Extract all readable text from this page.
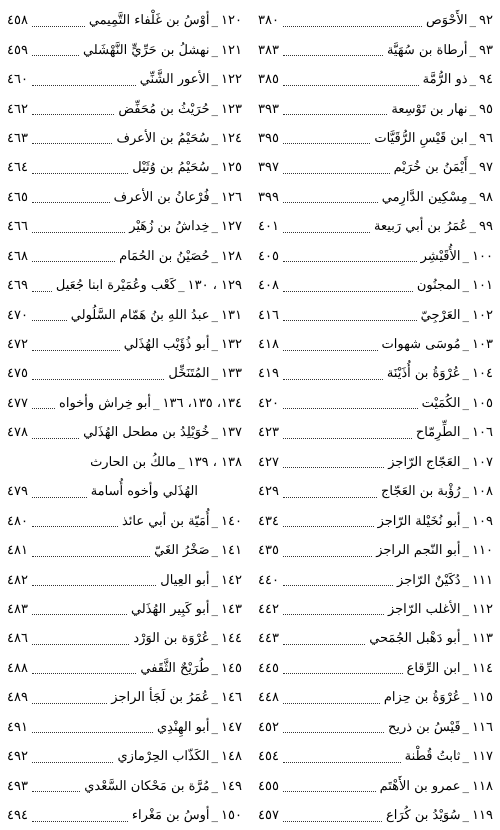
٩٢
_
الأَحْوَص
٣٨٠
٩٣
_
أرطاة بن سُهَيَّة
٣٨٣
٩٤
_
ذو الرُّمَّة
٣٨٥
٩٥
_
نهار بن تَوْسِعة
٣٩٣
٩٦
_
ابن قَيْسِ الرُّقَيَّات
٣٩٥
٩٧
_
أَيْمَنُ بن خُرَيْم
٣٩٧
٩٨
_
مِسْكِين الدَّارِمي
٣٩٩
٩٩
_
عُمَرُ بن أبي رَبيعة
٤٠١
١٠٠
_
الأُقَيْشِر
٤٠٥
١٠١
_
المجنُون
٤٠٨
١٠٢
_
العَرْجِيّ
٤١٦
١٠٣
_
مُوسَى شهوات
٤١٨
١٠٤
_
عُرْوَةُ بن أُذَيْنَة
٤١٩
١٠٥
_
الكُمَيْت
٤٢٠
١٠٦
_
الطِّرِمّاح
٤٢٣
١٠٧
_
العَجّاج الرّاجز
٤٢٧
١٠٨
_
رُؤْبة بن العَجّاج
٤٢٩
١٠٩
_
أبو نُخَيْلة الرّاجز
٤٣٤
١١٠
_
أبو النّجم الراجز
٤٣٥
١١١
_
دُكَيْنٌ الرّاجز
٤٤٠
١١٢
_
الأغلب الرّاجز
٤٤٢
١١٣
_
أبو دَهْبل الجُمَحي
٤٤٣
١١٤
_
ابن الرِّقاع
٤٤٥
١١٥
_
عُرْوَةُ بن حِزام
٤٤٨
١١٦
_
قَيْسُ بن ذريح
٤٥٢
١١٧
_
ثابتُ قُطْنة
٤٥٤
١١٨
_
عمرو بن الأَهْتَم
٤٥٥
١١٩
_
سُوَيْدُ بن كُرَاع
٤٥٧
١٢٠
_
أوْسُ بن غَلْفاء التَّمِيمي
٤٥٨
١٢١
_
نهشلُ بن حَرِّيٍّ النَّهْشَلي
٤٥٩
١٢٢
_
الأعور الشَّنِّي
٤٦٠
١٢٣
_
حُرَيْثُ بن مُحَفِّض
٤٦٢
١٢٤
_
سُحَيْمُ بن الأعرف
٤٦٣
١٢٥
_
سُحَيْمُ بن وُثَيْل
٤٦٤
١٢٦
_
فُرْعانُ بن الأعرف
٤٦٥
١٢٧
_
خِداشُ بن زُهَيْر
٤٦٦
١٢٨
_
حُصَيْنُ بن الحُمَام
٤٦٨
١٢٩ ، ١٣٠
_
كَعْب وعُمَيْرة ابنا جُعَيل
٤٦٩
١٣١
_
عبدُ اللهِ بنُ هَمّام السَّلُولي
٤٧٠
١٣٢
_
أبو ذُؤَيْب الهُذَلي
٤٧٢
١٣٣
_
المُتَنَخِّل
٤٧٥
١٣٤، ١٣٥، ١٣٦
_
أبو خِراش وأخواه
٤٧٧
١٣٧
_
خُوَيْلِدُ بن مطحل الهُذَلي
٤٧٨
١٣٨ ، ١٣٩
_
مالكُ بن الحارث
الهُذَلي وأخوه أُسامة
٤٧٩
١٤٠
_
أُمَيّة بن أبي عائذ
٤٨٠
١٤١
_
صَخْرُ الغَيّ
٤٨١
١٤٢
_
أبو العِيال
٤٨٢
١٤٣
_
أبو كَبِير الهُذَلي
٤٨٣
١٤٤
_
عُرْوَة بن الوَرْد
٤٨٦
١٤٥
_
طُرَيْحٌ الثَّقَفي
٤٨٨
١٤٦
_
عُمَرُ بن لَجَأ الراجز
٤٨٩
١٤٧
_
أبو الهِنْدِي
٤٩١
١٤٨
_
الكَذّاب الحِرْمازي
٤٩٢
١٤٩
_
مُرَّة بن مَحْكان السَّعْدي
٤٩٣
١٥٠
_
أوسُ بن مَغْراء
٤٩٤
